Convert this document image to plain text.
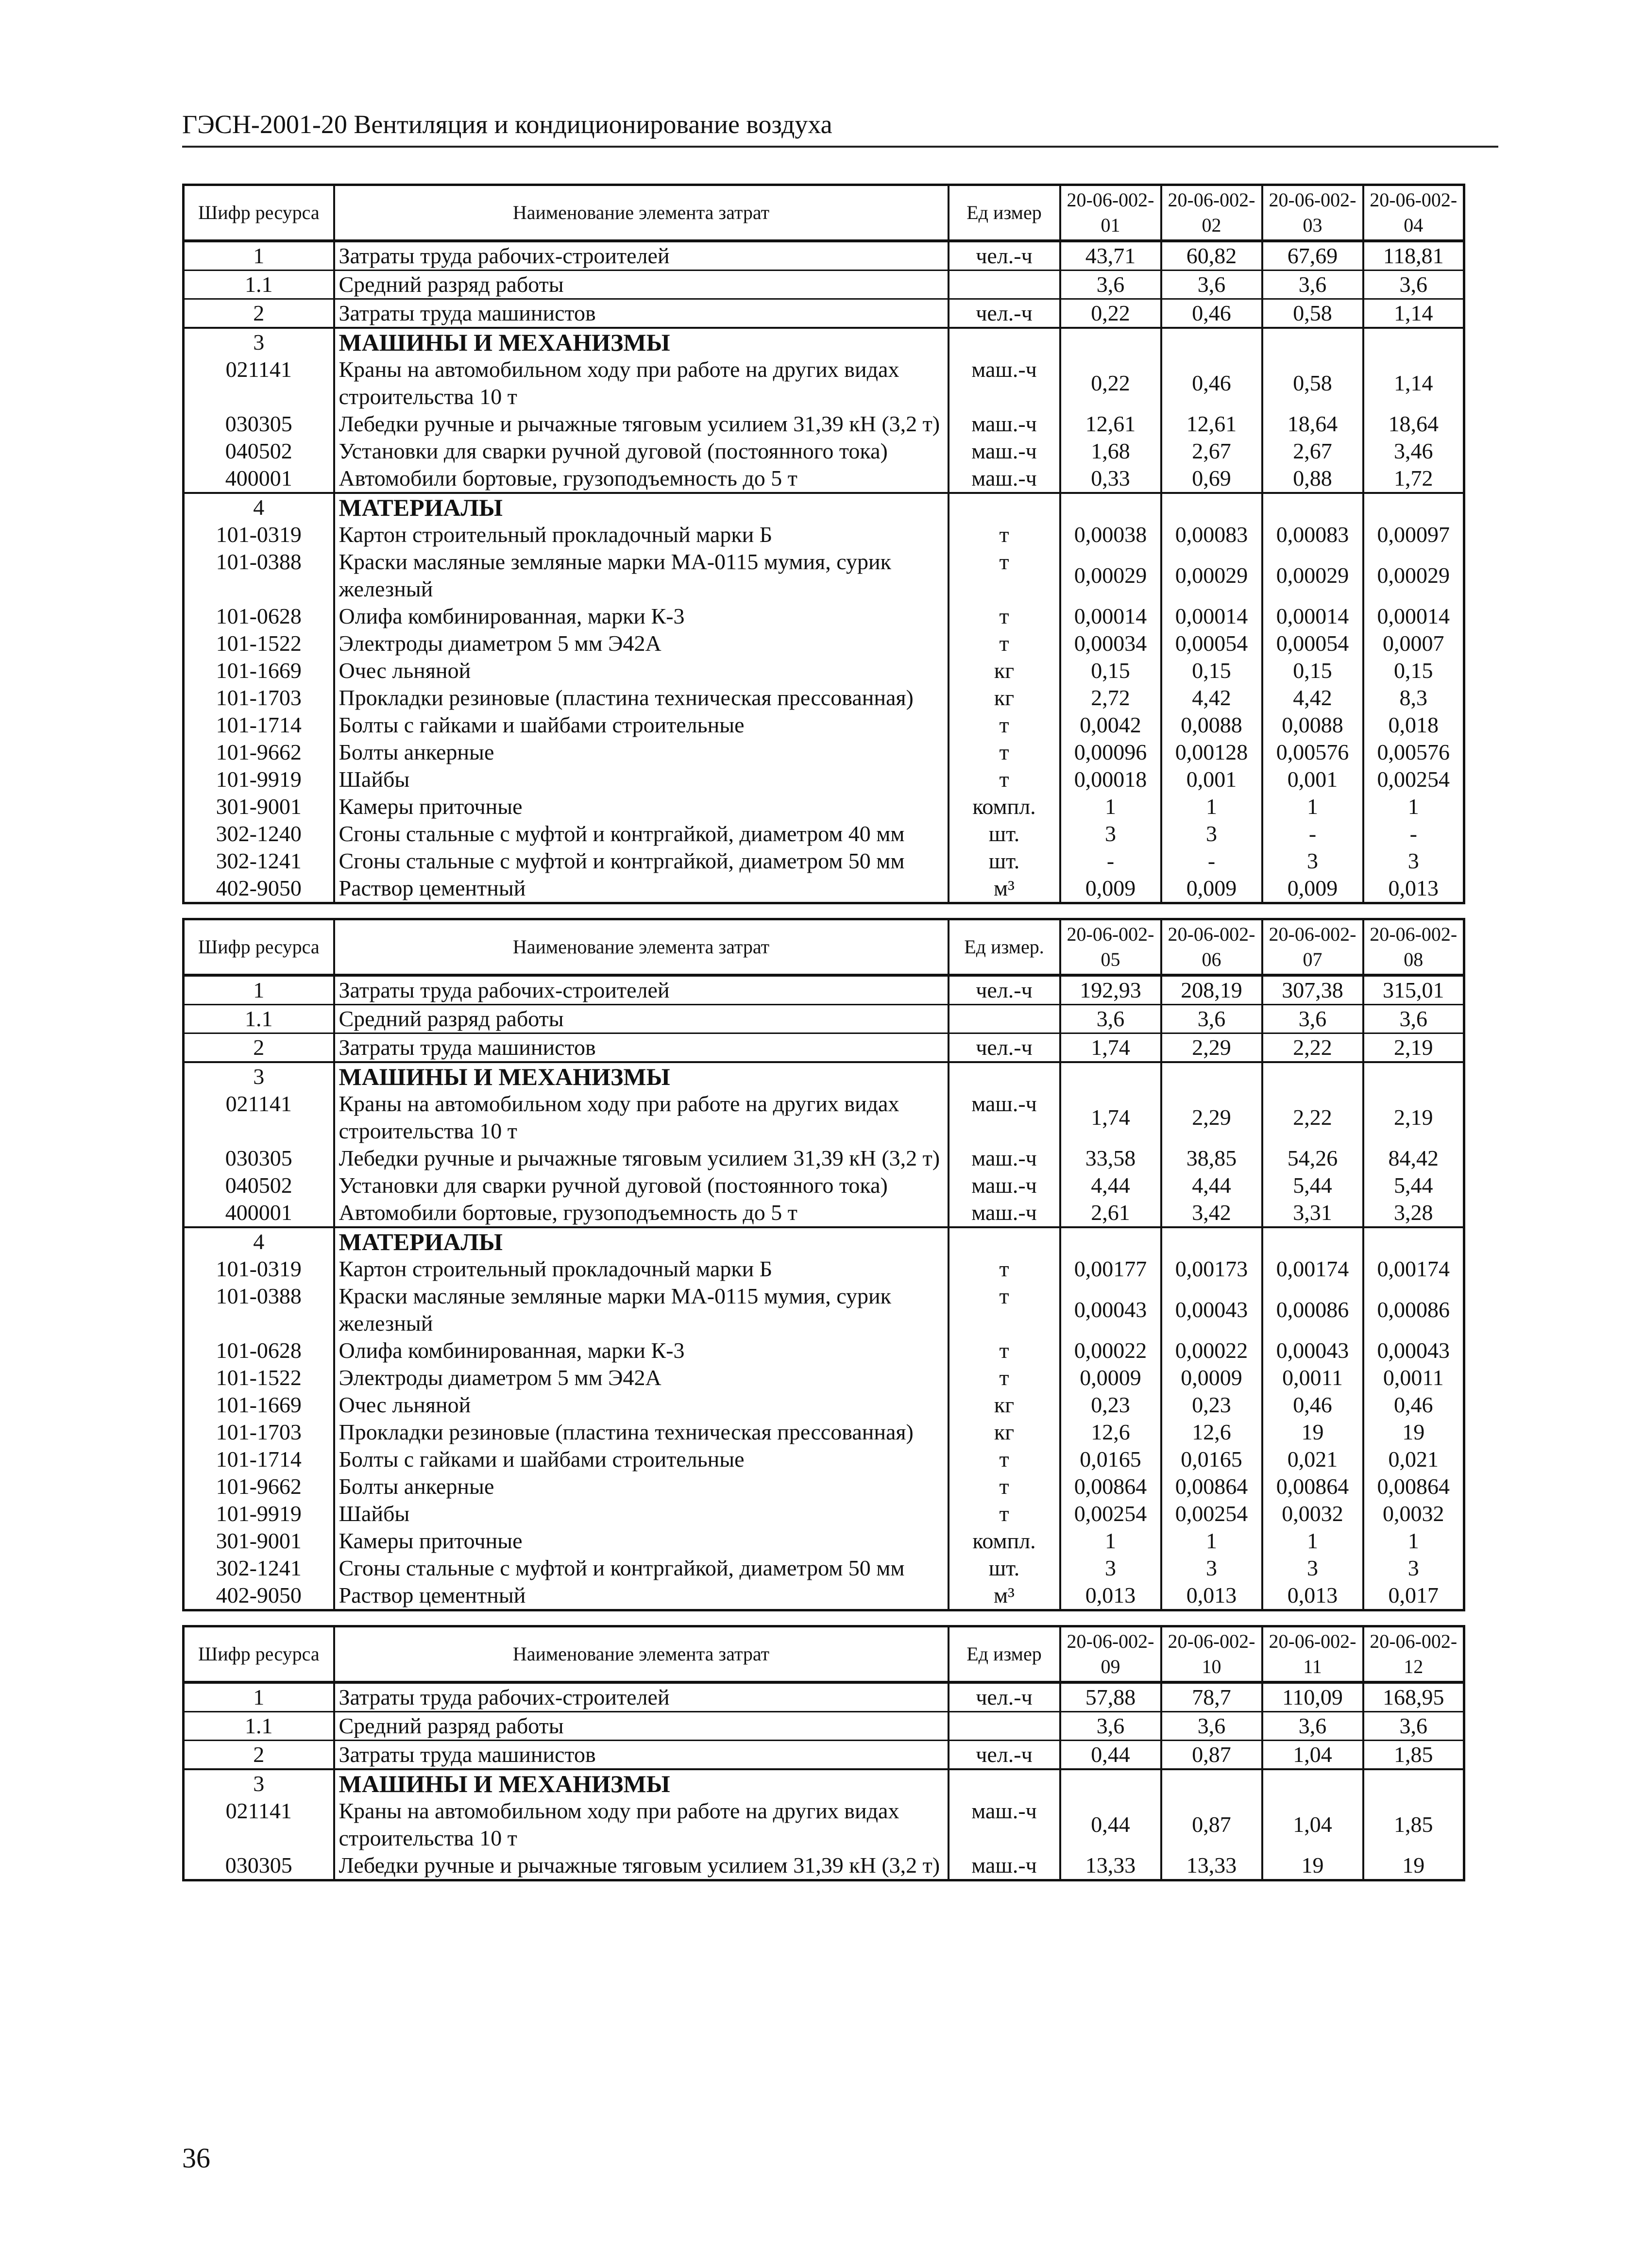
ГЭСН-2001-20 Вентиляция и кондиционирование воздуха
Шифр ресурса	Наименование элемента затрат	Ед измер	20-06-002-01	20-06-002-02	20-06-002-03	20-06-002-04
1	Затраты труда рабочих-строителей	чел.-ч	43,71	60,82	67,69	118,81
1.1	Средний разряд работы		3,6	3,6	3,6	3,6
2	Затраты труда машинистов	чел.-ч	0,22	0,46	0,58	1,14
3	МАШИНЫ И МЕХАНИЗМЫ					
021141	Краны на автомобильном ходу при работе на других видах строительства 10 т	маш.-ч	0,22	0,46	0,58	1,14
030305	Лебедки ручные и рычажные тяговым усилием 31,39 кН (3,2 т)	маш.-ч	12,61	12,61	18,64	18,64
040502	Установки для сварки ручной дуговой (постоянного тока)	маш.-ч	1,68	2,67	2,67	3,46
400001	Автомобили бортовые, грузоподъемность до 5 т	маш.-ч	0,33	0,69	0,88	1,72
4	МАТЕРИАЛЫ					
101-0319	Картон строительный прокладочный марки Б	т	0,00038	0,00083	0,00083	0,00097
101-0388	Краски масляные земляные марки МА-0115 мумия, сурик железный	т	0,00029	0,00029	0,00029	0,00029
101-0628	Олифа комбинированная, марки К-3	т	0,00014	0,00014	0,00014	0,00014
101-1522	Электроды диаметром 5 мм Э42А	т	0,00034	0,00054	0,00054	0,0007
101-1669	Очес льняной	кг	0,15	0,15	0,15	0,15
101-1703	Прокладки резиновые (пластина техническая прессованная)	кг	2,72	4,42	4,42	8,3
101-1714	Болты с гайками и шайбами строительные	т	0,0042	0,0088	0,0088	0,018
101-9662	Болты анкерные	т	0,00096	0,00128	0,00576	0,00576
101-9919	Шайбы	т	0,00018	0,001	0,001	0,00254
301-9001	Камеры приточные	компл.	1	1	1	1
302-1240	Сгоны стальные с муфтой и контргайкой, диаметром 40 мм	шт.	3	3	-	-
302-1241	Сгоны стальные с муфтой и контргайкой, диаметром 50 мм	шт.	-	-	3	3
402-9050	Раствор цементный	м³	0,009	0,009	0,009	0,013
Шифр ресурса	Наименование элемента затрат	Ед измер.	20-06-002-05	20-06-002-06	20-06-002-07	20-06-002-08
1	Затраты труда рабочих-строителей	чел.-ч	192,93	208,19	307,38	315,01
1.1	Средний разряд работы		3,6	3,6	3,6	3,6
2	Затраты труда машинистов	чел.-ч	1,74	2,29	2,22	2,19
3	МАШИНЫ И МЕХАНИЗМЫ					
021141	Краны на автомобильном ходу при работе на других видах строительства 10 т	маш.-ч	1,74	2,29	2,22	2,19
030305	Лебедки ручные и рычажные тяговым усилием 31,39 кН (3,2 т)	маш.-ч	33,58	38,85	54,26	84,42
040502	Установки для сварки ручной дуговой (постоянного тока)	маш.-ч	4,44	4,44	5,44	5,44
400001	Автомобили бортовые, грузоподъемность до 5 т	маш.-ч	2,61	3,42	3,31	3,28
4	МАТЕРИАЛЫ					
101-0319	Картон строительный прокладочный марки Б	т	0,00177	0,00173	0,00174	0,00174
101-0388	Краски масляные земляные марки МА-0115 мумия, сурик железный	т	0,00043	0,00043	0,00086	0,00086
101-0628	Олифа комбинированная, марки К-3	т	0,00022	0,00022	0,00043	0,00043
101-1522	Электроды диаметром 5 мм Э42А	т	0,0009	0,0009	0,0011	0,0011
101-1669	Очес льняной	кг	0,23	0,23	0,46	0,46
101-1703	Прокладки резиновые (пластина техническая прессованная)	кг	12,6	12,6	19	19
101-1714	Болты с гайками и шайбами строительные	т	0,0165	0,0165	0,021	0,021
101-9662	Болты анкерные	т	0,00864	0,00864	0,00864	0,00864
101-9919	Шайбы	т	0,00254	0,00254	0,0032	0,0032
301-9001	Камеры приточные	компл.	1	1	1	1
302-1241	Сгоны стальные с муфтой и контргайкой, диаметром 50 мм	шт.	3	3	3	3
402-9050	Раствор цементный	м³	0,013	0,013	0,013	0,017
Шифр ресурса	Наименование элемента затрат	Ед измер	20-06-002-09	20-06-002-10	20-06-002-11	20-06-002-12
1	Затраты труда рабочих-строителей	чел.-ч	57,88	78,7	110,09	168,95
1.1	Средний разряд работы		3,6	3,6	3,6	3,6
2	Затраты труда машинистов	чел.-ч	0,44	0,87	1,04	1,85
3	МАШИНЫ И МЕХАНИЗМЫ					
021141	Краны на автомобильном ходу при работе на других видах строительства 10 т	маш.-ч	0,44	0,87	1,04	1,85
030305	Лебедки ручные и рычажные тяговым усилием 31,39 кН (3,2 т)	маш.-ч	13,33	13,33	19	19
36
